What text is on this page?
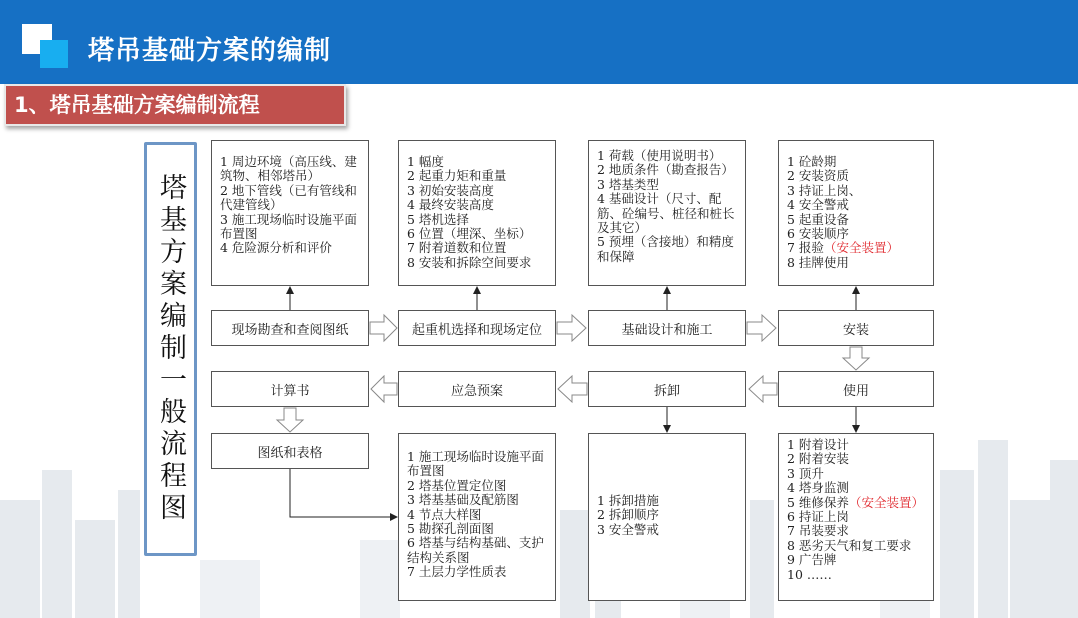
塔吊基础方案的编制
1、塔吊基础方案编制流程
塔基方案编制一般流程图
1 周边环境（高压线、建筑物、相邻塔吊）
2 地下管线（已有管线和代建管线）
3 施工现场临时设施平面布置图
4 危险源分析和评价
1 幅度
2 起重力矩和重量
3 初始安装高度
4 最终安装高度
5 塔机选择
6 位置（埋深、坐标）
7 附着道数和位置
8 安装和拆除空间要求
1 荷载（使用说明书）
2 地质条件（勘查报告）
3 塔基类型
4 基础设计（尺寸、配筋、砼编号、桩径和桩长及其它）
5 预埋（含接地）和精度和保障
1 砼龄期
2 安装资质
3 持证上岗、
4 安全警戒
5 起重设备
6 安装顺序
7 报验（安全装置）
8 挂牌使用
现场勘查和查阅图纸	起重机选择和现场定位	基础设计和施工	安装
计算书	应急预案	拆卸	使用
图纸和表格	1 施工现场临时设施平面布置图
2 塔基位置定位图
3 塔基基础及配筋图
4 节点大样图
5 勘探孔剖面图
6 塔基与结构基础、支护结构关系图
7 土层力学性质表
1 拆卸措施
2 拆卸顺序
3 安全警戒
1 附着设计
2 附着安装
3 顶升
4 塔身监测
5 维修保养（安全装置）
6 持证上岗
7 吊装要求
8 恶劣天气和复工要求
9 广告牌
10 ……
